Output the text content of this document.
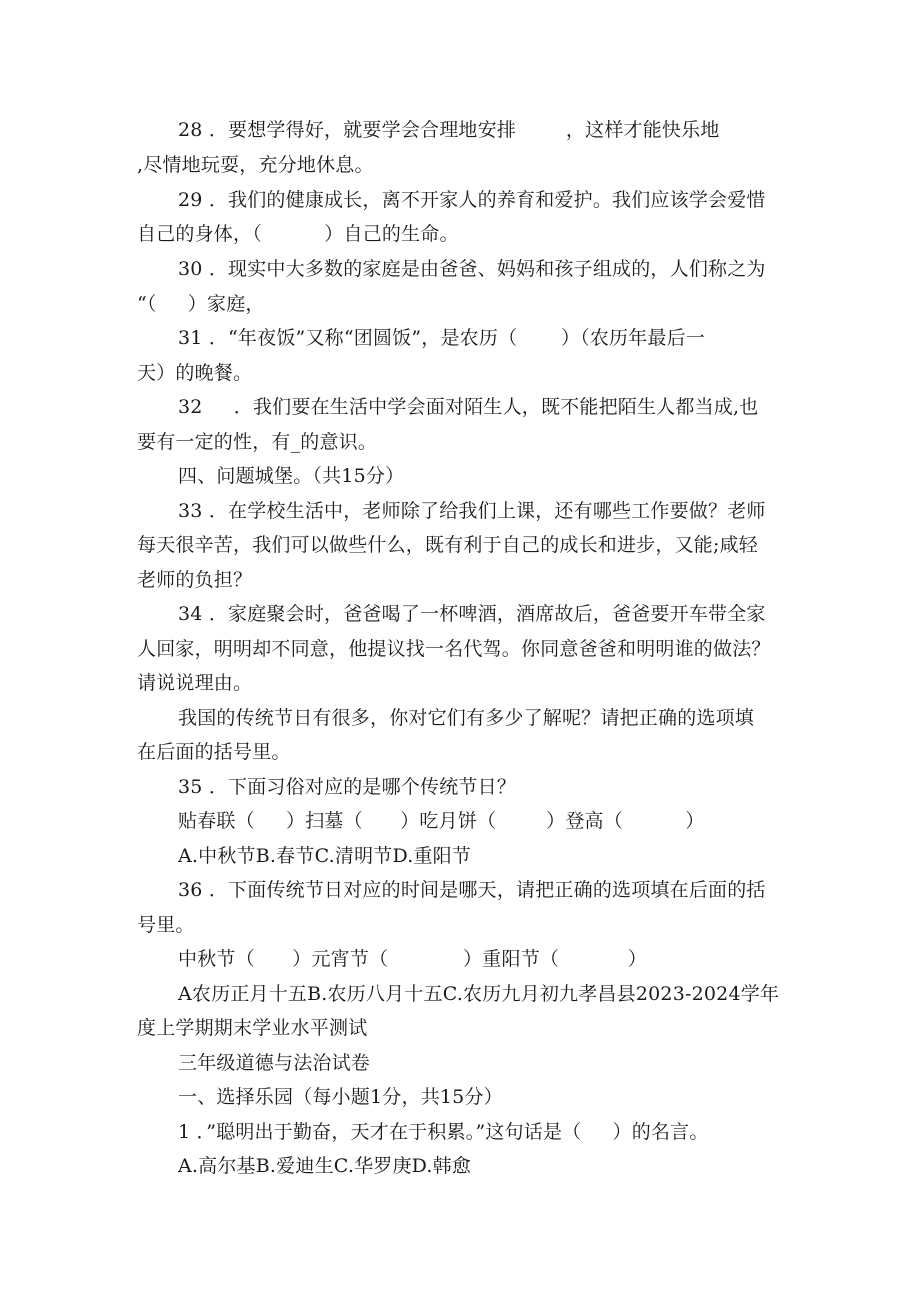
28 ．要想学得好，就要学会合理地安排        ，这样才能快乐地
,尽情地玩耍，充分地休息。
29 ．我们的健康成长，离不开家人的养育和爱护。我们应该学会爱惜
自己的身体，（          ）自己的生命。
30 ．现实中大多数的家庭是由爸爸、妈妈和孩子组成的，人们称之为
“（     ）家庭，
31 ．“年夜饭”又称“团圆饭”，是农历（       ）（农历年最后一
天）的晚餐。
32     ．我们要在生活中学会面对陌生人，既不能把陌生人都当成,也
要有一定的性，有_的意识。
四、问题城堡。（共15分）
33 ．在学校生活中，老师除了给我们上课，还有哪些工作要做？老师
每天很辛苦，我们可以做些什么，既有利于自己的成长和进步，又能;咸轻
老师的负担？
34 ．家庭聚会时，爸爸喝了一杯啤酒，酒席故后，爸爸要开车带全家
人回家，明明却不同意，他提议找一名代驾。你同意爸爸和明明谁的做法？
请说说理由。
我国的传统节日有很多，你对它们有多少了解呢？请把正确的选项填
在后面的括号里。
35 ．下面习俗对应的是哪个传统节日？
贴春联（     ）扫墓（      ）吃月饼（        ）登高（          ）
A.中秋节B.春节C.清明节D.重阳节
36 ．下面传统节日对应的时间是哪天，请把正确的选项填在后面的括
号里。
中秋节（      ）元宵节（            ）重阳节（           ）
A农历正月十五B.农历八月十五C.农历九月初九孝昌县2023-2024学年
度上学期期末学业水平测试
三年级道德与法治试卷
一、选择乐园（每小题1分，共15分）
1 ．”聪明出于勤奋，天才在于积累。”这句话是（     ）的名言。
A.高尔基B.爱迪生C.华罗庚D.韩愈
